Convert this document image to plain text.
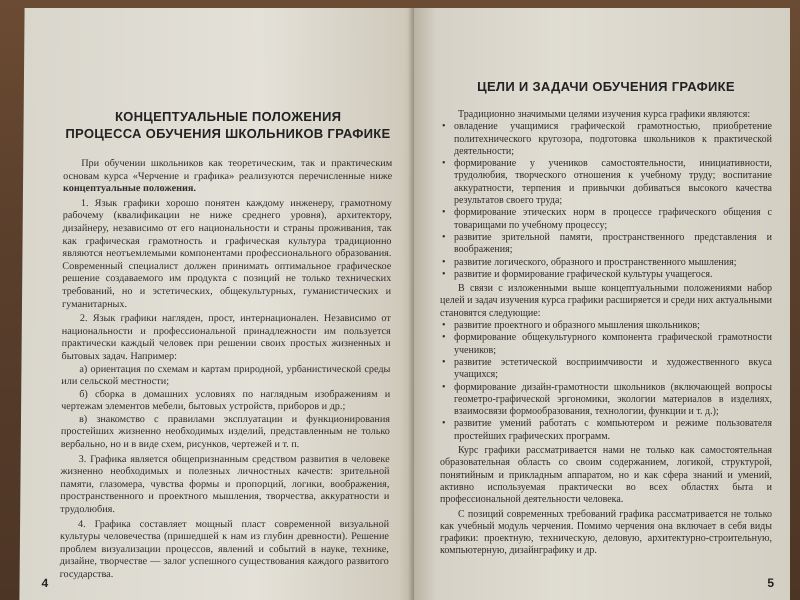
КОНЦЕПТУАЛЬНЫЕ ПОЛОЖЕНИЯ
ПРОЦЕССА ОБУЧЕНИЯ ШКОЛЬНИКОВ ГРАФИКЕ

При обучении школьников как теоретическим, так и практическим основам курса «Черчение и графика» реализуются перечисленные ниже концептуальные положения.

1. Язык графики хорошо понятен каждому инженеру, грамотному рабочему (квалификации не ниже среднего уровня), архитектору, дизайнеру, независимо от его национальности и страны проживания, так как графическая грамотность и графическая культура традиционно являются неотъемлемыми компонентами профессионального образования. Современный специалист должен принимать оптимальное графическое решение создаваемого им продукта с позиций не только технических требований, но и эстетических, общекультурных, гуманистических и гуманитарных.

2. Язык графики нагляден, прост, интернационален. Независимо от национальности и профессиональной принадлежности им пользуется практически каждый человек при решении своих простых жизненных и бытовых задач. Например:

а) ориентация по схемам и картам природной, урбанистической среды или сельской местности;

б) сборка в домашних условиях по наглядным изображениям и чертежам элементов мебели, бытовых устройств, приборов и др.;

в) знакомство с правилами эксплуатации и функционирования простейших жизненно необходимых изделий, представленным не только вербально, но и в виде схем, рисунков, чертежей и т. п.

3. Графика является общепризнанным средством развития в человеке жизненно необходимых и полезных личностных качеств: зрительной памяти, глазомера, чувства формы и пропорций, логики, воображения, пространственного и проектного мышления, творчества, аккуратности и трудолюбия.

4. Графика составляет мощный пласт современной визуальной культуры человечества (пришедшей к нам из глубин древности). Решение проблем визуализации процессов, явлений и событий в науке, технике, дизайне, творчестве — залог успешного существования каждого развитого государства.

4
ЦЕЛИ И ЗАДАЧИ ОБУЧЕНИЯ ГРАФИКЕ

Традиционно значимыми целями изучения курса графики являются:

• овладение учащимися графической грамотностью, приобретение политехнического кругозора, подготовка школьников к практической деятельности;

• формирование у учеников самостоятельности, инициативности, трудолюбия, творческого отношения к учебному труду; воспитание аккуратности, терпения и привычки добиваться высокого качества результатов своего труда;

• формирование этических норм в процессе графического общения с товарищами по учебному процессу;

• развитие зрительной памяти, пространственного представления и воображения;

• развитие логического, образного и пространственного мышления;

• развитие и формирование графической культуры учащегося.

В связи с изложенными выше концептуальными положениями набор целей и задач изучения курса графики расширяется и среди них актуальными становятся следующие:

• развитие проектного и образного мышления школьников;

• формирование общекультурного компонента графической грамотности учеников;

• развитие эстетической восприимчивости и художественного вкуса учащихся;

• формирование дизайн-грамотности школьников (включающей вопросы геометро-графической эргономики, экологии материалов в изделиях, взаимосвязи формообразования, технологии, функции и т. д.);

• развитие умений работать с компьютером и режиме пользователя простейших графических программ.

Курс графики рассматривается нами не только как самостоятельная образовательная область со своим содержанием, логикой, структурой, понятийным и прикладным аппаратом, но и как сфера знаний и умений, активно используемая практически во всех областях быта и профессиональной деятельности человека.

С позиций современных требований графика рассматривается не только как учебный модуль черчения. Помимо черчения она включает в себя виды графики: проектную, техническую, деловую, архитектурно-строительную, компьютерную, дизайнграфику и др.

5
